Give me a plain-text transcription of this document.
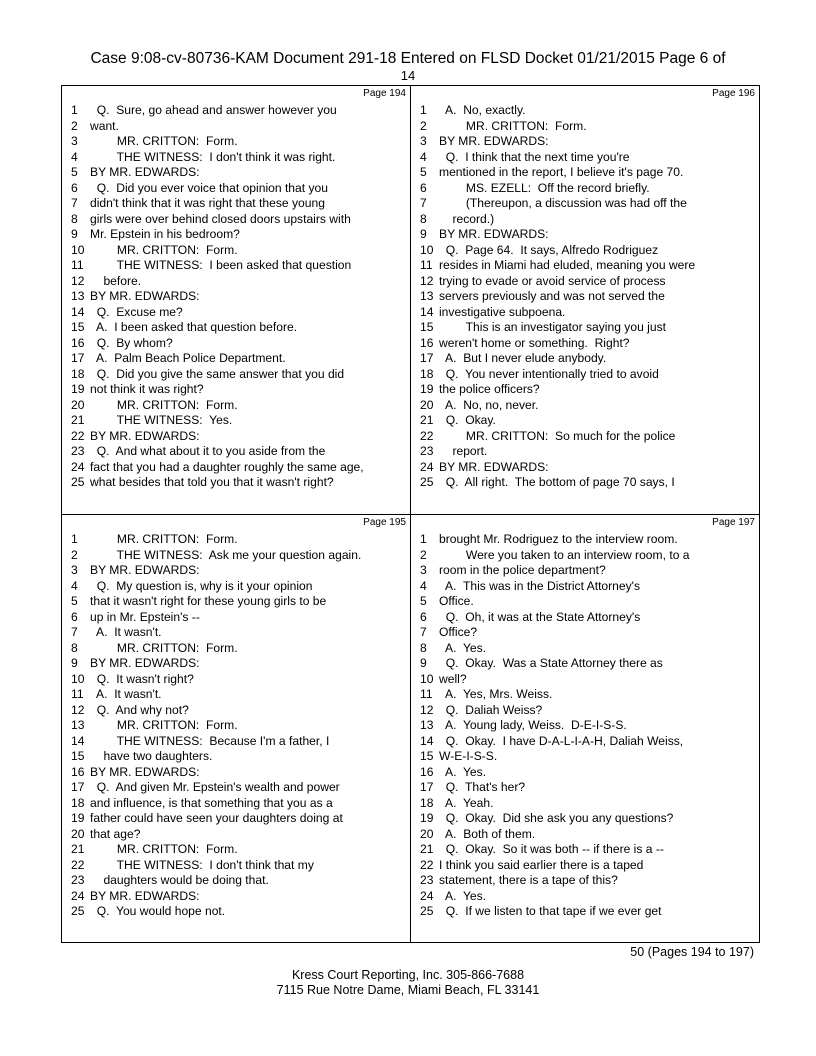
Case 9:08-cv-80736-KAM Document 291-18 Entered on FLSD Docket 01/21/2015 Page 6 of
14
Page 194
1  Q.  Sure, go ahead and answer however you
2 want.
3        MR. CRITTON:  Form.
4        THE WITNESS:  I don't think it was right.
5 BY MR. EDWARDS:
6  Q.  Did you ever voice that opinion that you
7 didn't think that it was right that these young
8 girls were over behind closed doors upstairs with
9 Mr. Epstein in his bedroom?
10        MR. CRITTON:  Form.
11        THE WITNESS:  I been asked that question
12    before.
13 BY MR. EDWARDS:
14  Q.  Excuse me?
15  A.  I been asked that question before.
16  Q.  By whom?
17  A.  Palm Beach Police Department.
18  Q.  Did you give the same answer that you did
19 not think it was right?
20        MR. CRITTON:  Form.
21        THE WITNESS:  Yes.
22 BY MR. EDWARDS:
23  Q.  And what about it to you aside from the
24 fact that you had a daughter roughly the same age,
25 what besides that told you that it wasn't right?
Page 196
1  A.  No, exactly.
2        MR. CRITTON:  Form.
3 BY MR. EDWARDS:
4  Q.  I think that the next time you're
5 mentioned in the report, I believe it's page 70.
6        MS. EZELL:  Off the record briefly.
7        (Thereupon, a discussion was had off the
8    record.)
9 BY MR. EDWARDS:
10  Q.  Page 64.  It says, Alfredo Rodriguez
11 resides in Miami had eluded, meaning you were
12 trying to evade or avoid service of process
13 servers previously and was not served the
14 investigative subpoena.
15        This is an investigator saying you just
16 weren't home or something.  Right?
17  A.  But I never elude anybody.
18  Q.  You never intentionally tried to avoid
19 the police officers?
20  A.  No, no, never.
21  Q.  Okay.
22        MR. CRITTON:  So much for the police
23    report.
24 BY MR. EDWARDS:
25  Q.  All right.  The bottom of page 70 says, I
Page 195
1        MR. CRITTON:  Form.
2        THE WITNESS:  Ask me your question again.
3 BY MR. EDWARDS:
4  Q.  My question is, why is it your opinion
5 that it wasn't right for these young girls to be
6 up in Mr. Epstein's --
7  A.  It wasn't.
8        MR. CRITTON:  Form.
9 BY MR. EDWARDS:
10  Q.  It wasn't right?
11  A.  It wasn't.
12  Q.  And why not?
13        MR. CRITTON:  Form.
14        THE WITNESS:  Because I'm a father, I
15    have two daughters.
16 BY MR. EDWARDS:
17  Q.  And given Mr. Epstein's wealth and power
18 and influence, is that something that you as a
19 father could have seen your daughters doing at
20 that age?
21        MR. CRITTON:  Form.
22        THE WITNESS:  I don't think that my
23    daughters would be doing that.
24 BY MR. EDWARDS:
25  Q.  You would hope not.
Page 197
1 brought Mr. Rodriguez to the interview room.
2        Were you taken to an interview room, to a
3 room in the police department?
4  A.  This was in the District Attorney's
5 Office.
6  Q.  Oh, it was at the State Attorney's
7 Office?
8  A.  Yes.
9  Q.  Okay.  Was a State Attorney there as
10 well?
11  A.  Yes, Mrs. Weiss.
12  Q.  Daliah Weiss?
13  A.  Young lady, Weiss.  D-E-I-S-S.
14  Q.  Okay.  I have D-A-L-I-A-H, Daliah Weiss,
15 W-E-I-S-S.
16  A.  Yes.
17  Q.  That's her?
18  A.  Yeah.
19  Q.  Okay.  Did she ask you any questions?
20  A.  Both of them.
21  Q.  Okay.  So it was both -- if there is a --
22 I think you said earlier there is a taped
23 statement, there is a tape of this?
24  A.  Yes.
25  Q.  If we listen to that tape if we ever get
50 (Pages 194 to 197)
Kress Court Reporting, Inc. 305-866-7688
7115 Rue Notre Dame, Miami Beach, FL 33141
